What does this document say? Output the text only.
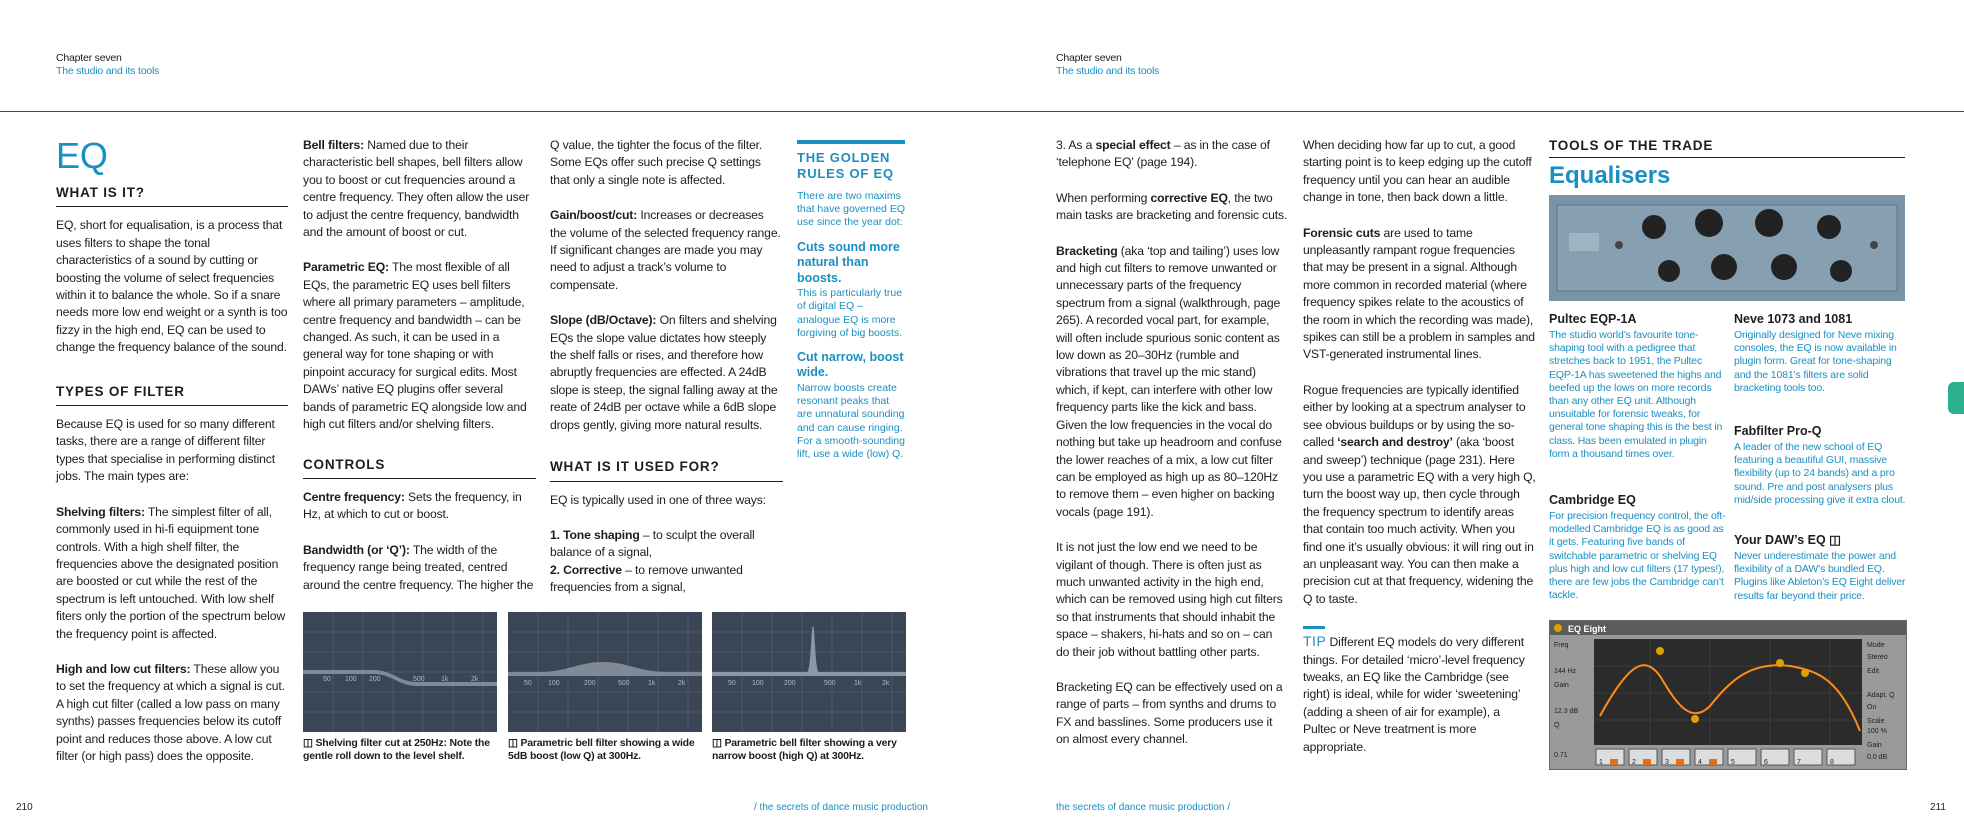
Chapter seven
The studio and its tools
Chapter seven
The studio and its tools
EQ
WHAT IS IT?

EQ, short for equalisation, is a process that uses filters to shape the tonal characteristics of a sound by cutting or boosting the volume of select frequencies within it to balance the whole. So if a snare needs more low end weight or a synth is too fizzy in the high end, EQ can be used to change the frequency balance of the sound.

TYPES OF FILTER

Because EQ is used for so many different tasks, there are a range of different filter types that specialise in performing distinct jobs. The main types are:

Shelving filters: The simplest filter of all, commonly used in hi-fi equipment tone controls. With a high shelf filter, the frequencies above the designated position are boosted or cut while the rest of the spectrum is left untouched. With low shelf fiters only the portion of the spectrum below the frequency point is affected.

High and low cut filters: These allow you to set the frequency at which a signal is cut. A high cut filter (called a low pass on many synths) passes frequencies below its cutoff point and reduces those above. A low cut filter (or high pass) does the opposite.

Bell filters: Named due to their characteristic bell shapes, bell filters allow you to boost or cut frequencies around a centre frequency. They often allow the user to adjust the centre frequency, bandwidth and the amount of boost or cut.

Parametric EQ: The most flexible of all EQs, the parametric EQ uses bell filters where all primary parameters – amplitude, centre frequency and bandwidth – can be changed. As such, it can be used in a general way for tone shaping or with pinpoint accuracy for surgical edits. Most DAWs’ native EQ plugins offer several bands of parametric EQ alongside low and high cut filters and/or shelving filters.

CONTROLS

Centre frequency: Sets the frequency, in Hz, at which to cut or boost.

Bandwidth (or ‘Q’): The width of the frequency range being treated, centred around the centre frequency. The higher the

Q value, the tighter the focus of the filter. Some EQs offer such precise Q settings that only a single note is affected.

Gain/boost/cut: Increases or decreases the volume of the selected frequency range. If significant changes are made you may need to adjust a track’s volume to compensate.

Slope (dB/Octave): On filters and shelving EQs the slope value dictates how steeply the shelf falls or rises, and therefore how abruptly frequencies are effected. A 24dB slope is steep, the signal falling away at the reate of 24dB per octave while a 6dB slope drops gently, giving more natural results.

WHAT IS IT USED FOR?

EQ is typically used in one of three ways:

1. Tone shaping – to sculpt the overall balance of a signal,
2. Corrective – to remove unwanted frequencies from a signal,

THE GOLDEN RULES OF EQ
There are two maxims that have governed EQ use since the year dot:
Cuts sound more natural than boosts.
This is particularly true of digital EQ – analogue EQ is more forgiving of big boosts.
Cut narrow, boost wide.
Narrow boosts create resonant peaks that are unnatural sounding and can cause ringing. For a smooth-sounding lift, use a wide (low) Q.
50 100 200	500 1k	2k
50 100	200	500	1k	2k	50 100	200	500	1k	2k
◫ Shelving filter cut at 250Hz: Note the gentle roll down to the level shelf.
◫ Parametric bell filter showing a wide 5dB boost (low Q) at 300Hz.
◫ Parametric bell filter showing a very narrow boost (high Q) at 300Hz.
210	/ the secrets of dance music production

3. As a special effect – as in the case of ‘telephone EQ’ (page 194).

When performing corrective EQ, the two main tasks are bracketing and forensic cuts.

Bracketing (aka ‘top and tailing’) uses low and high cut filters to remove unwanted or unnecessary parts of the frequency spectrum from a signal (walkthrough, page 265). A recorded vocal part, for example, will often include spurious sonic content as low down as 20–30Hz (rumble and vibrations that travel up the mic stand) which, if kept, can interfere with other low frequency parts like the kick and bass. Given the low frequencies in the vocal do nothing but take up headroom and confuse the lower reaches of a mix, a low cut filter can be employed as high up as 80–120Hz to remove them – even higher on backing vocals (page 191).

It is not just the low end we need to be vigilant of though. There is often just as much unwanted activity in the high end, which can be removed using high cut filters so that instruments that should inhabit the space – shakers, hi-hats and so on – can do their job without battling other parts.

Bracketing EQ can be effectively used on a range of parts – from synths and drums to FX and basslines. Some producers use it on almost every channel.

When deciding how far up to cut, a good starting point is to keep edging up the cutoff frequency until you can hear an audible change in tone, then back down a little.

Forensic cuts are used to tame unpleasantly rampant rogue frequencies that may be present in a signal. Although more common in recorded material (where frequency spikes relate to the acoustics of the room in which the recording was made), spikes can still be a problem in samples and VST-generated instrumental lines.

Rogue frequencies are typically identified either by looking at a spectrum analyser to see obvious buildups or by using the so-called ‘search and destroy’ (aka ‘boost and sweep’) technique (page 231). Here you use a parametric EQ with a very high Q, turn the boost way up, then cycle through the frequency spectrum to identify areas that contain too much activity. When you find one it’s usually obvious: it will ring out in an unpleasant way. You can then make a precision cut at that frequency, widening the Q to taste.

TIP Different EQ models do very different things. For detailed ‘micro’-level frequency tweaks, an EQ like the Cambridge (see right) is ideal, while for wider ‘sweetening’ (adding a sheen of air for example), a Pultec or Neve treatment is more appropriate.

TOOLS OF THE TRADE
Equalisers
Pultec EQP-1A
The studio world’s favourite tone-shaping tool with a pedigree that stretches back to 1951, the Pultec EQP-1A has sweetened the highs and beefed up the lows on more records than any other EQ unit. Although unsuitable for forensic tweaks, for general tone shaping this is the best in class. Has been emulated in plugin form a thousand times over.
Neve 1073 and 1081
Originally designed for Neve mixing consoles, the EQ is now available in plugin form. Great for tone-shaping and the 1081’s filters are solid bracketing tools too.
Cambridge EQ
For precision frequency control, the oft-modelled Cambridge EQ is as good as it gets. Featuring five bands of switchable parametric or shelving EQ plus high and low cut filters (17 types!), there are few jobs the Cambridge can’t tackle.
Fabfilter Pro-Q
A leader of the new school of EQ featuring a beautiful GUI, massive flexibility (up to 24 bands) and a pro sound. Pre and post analysers plus mid/side processing give it extra clout.
Your DAW’s EQ ◫
Never underestimate the power and flexibility of a DAW’s bundled EQ. Plugins like Ableton’s EQ Eight deliver results far beyond their price.
EQ Eight
Freq
144 Hz
Gain
12.3 dB
Q
0.71
Mode
Stereo
Edit
Adapt. Q
On
Scale
100 %
Gain
0.0 dB
1	2	3	4	5	6	7	8
the secrets of dance music production /	211
